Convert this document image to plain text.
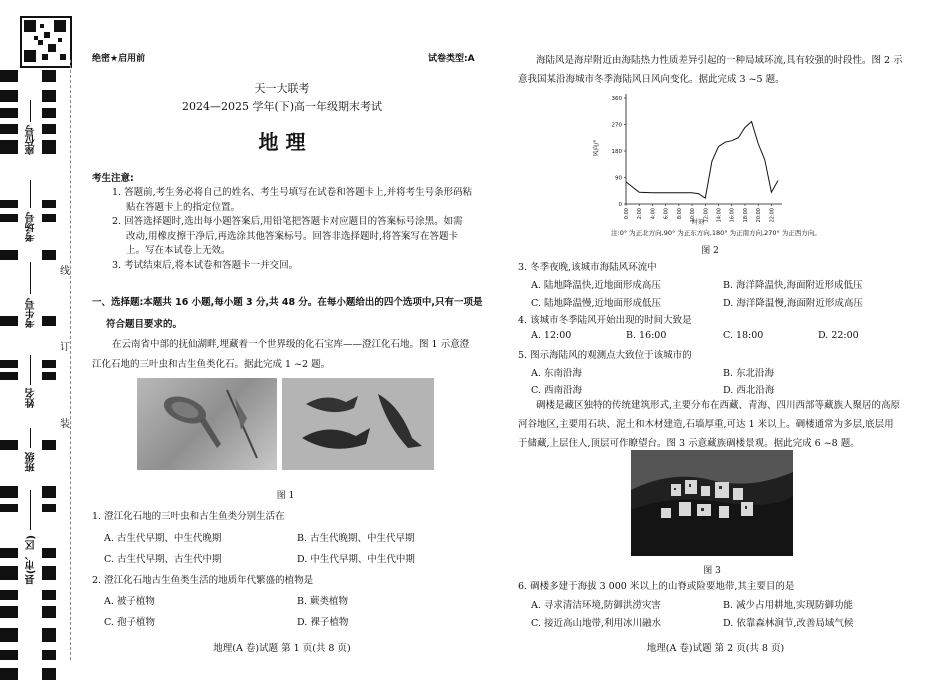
座位号
考场号
考生号
姓名
班级
县(市、区)
线
订
装
绝密★启用前	试卷类型:A
天一大联考
2024—2025 学年(下)高一年级期末考试
地 理
考生注意:
1. 答题前,考生务必将自己的姓名、考生号填写在试卷和答题卡上,并将考生号条形码粘
贴在答题卡上的指定位置。
2. 回答选择题时,选出每小题答案后,用铅笔把答题卡对应题目的答案标号涂黑。如需
改动,用橡皮擦干净后,再选涂其他答案标号。回答非选择题时,将答案写在答题卡
上。写在本试卷上无效。
3. 考试结束后,将本试卷和答题卡一并交回。
一、选择题:本题共 16 小题,每小题 3 分,共 48 分。在每小题给出的四个选项中,只有一项是
符合题目要求的。
在云南省中部的抚仙湖畔,埋藏着一个世界级的化石宝库——澄江化石地。图 1 示意澄
江化石地的三叶虫和古生鱼类化石。据此完成 1 ~2 题。
图 1
1. 澄江化石地的三叶虫和古生鱼类分别生活在
A. 古生代早期、中生代晚期	B. 古生代晚期、中生代早期
C. 古生代早期、古生代中期	D. 中生代早期、中生代中期
2. 澄江化石地古生鱼类生活的地质年代繁盛的植物是
A. 被子植物	B. 蕨类植物
C. 孢子植物	D. 裸子植物
地理(A 卷)试题 第 1 页(共 8 页)
海陆风是海岸附近由海陆热力性质差异引起的一种局域环流,具有较强的时段性。图 2 示
意我国某沿海城市冬季海陆风日风向变化。据此完成 3 ~5 题。
风向/°
时刻
0
90
180
270
360
0:00 2:00 4:00 6:00 8:00 10:00 12:00 14:00 16:00 18:00 20:00 22:00
注:0° 为正北方向,90° 为正东方向,180° 为正南方向,270° 为正西方向。
图 2
3. 冬季夜晚,该城市海陆风环流中
A. 陆地降温快,近地面形成高压	B. 海洋降温快,海面附近形成低压
C. 陆地降温慢,近地面形成低压	D. 海洋降温慢,海面附近形成高压
4. 该城市冬季陆风开始出现的时间大致是
A. 12:00	B. 16:00	C. 18:00	D. 22:00
5. 图示海陆风的观测点大致位于该城市的
A. 东南沿海	B. 东北沿海
C. 西南沿海	D. 西北沿海
碉楼是藏区独特的传统建筑形式,主要分布在西藏、青海、四川西部等藏族人聚居的高原
河谷地区,主要用石块、泥土和木材建造,石墙厚重,可达 1 米以上。碉楼通常为多层,底层用
于储藏,上层住人,顶层可作瞭望台。图 3 示意藏族碉楼景观。据此完成 6 ~8 题。
图 3
6. 碉楼多建于海拔 3 000 米以上的山脊或险要地带,其主要目的是
A. 寻求清洁环境,防御洪涝灾害	B. 减少占用耕地,实现防御功能
C. 接近高山地带,利用冰川融水	D. 依靠森林涧节,改善局域气候
地理(A 卷)试题 第 2 页(共 8 页)
